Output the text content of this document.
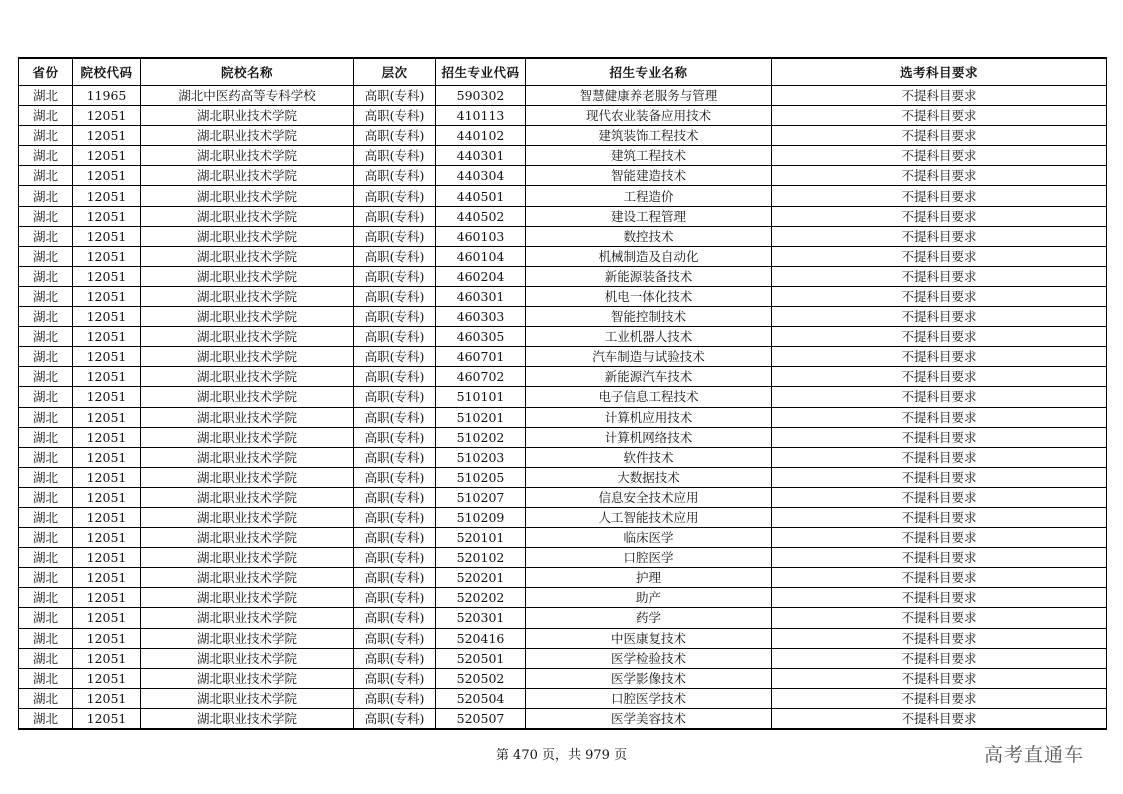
省份	院校代码	院校名称	层次	招生专业代码	招生专业名称	选考科目要求
湖北	11965	湖北中医药高等专科学校	高职(专科)	590302	智慧健康养老服务与管理	不提科目要求
湖北	12051	湖北职业技术学院	高职(专科)	410113	现代农业装备应用技术	不提科目要求
湖北	12051	湖北职业技术学院	高职(专科)	440102	建筑装饰工程技术	不提科目要求
湖北	12051	湖北职业技术学院	高职(专科)	440301	建筑工程技术	不提科目要求
湖北	12051	湖北职业技术学院	高职(专科)	440304	智能建造技术	不提科目要求
湖北	12051	湖北职业技术学院	高职(专科)	440501	工程造价	不提科目要求
湖北	12051	湖北职业技术学院	高职(专科)	440502	建设工程管理	不提科目要求
湖北	12051	湖北职业技术学院	高职(专科)	460103	数控技术	不提科目要求
湖北	12051	湖北职业技术学院	高职(专科)	460104	机械制造及自动化	不提科目要求
湖北	12051	湖北职业技术学院	高职(专科)	460204	新能源装备技术	不提科目要求
湖北	12051	湖北职业技术学院	高职(专科)	460301	机电一体化技术	不提科目要求
湖北	12051	湖北职业技术学院	高职(专科)	460303	智能控制技术	不提科目要求
湖北	12051	湖北职业技术学院	高职(专科)	460305	工业机器人技术	不提科目要求
湖北	12051	湖北职业技术学院	高职(专科)	460701	汽车制造与试验技术	不提科目要求
湖北	12051	湖北职业技术学院	高职(专科)	460702	新能源汽车技术	不提科目要求
湖北	12051	湖北职业技术学院	高职(专科)	510101	电子信息工程技术	不提科目要求
湖北	12051	湖北职业技术学院	高职(专科)	510201	计算机应用技术	不提科目要求
湖北	12051	湖北职业技术学院	高职(专科)	510202	计算机网络技术	不提科目要求
湖北	12051	湖北职业技术学院	高职(专科)	510203	软件技术	不提科目要求
湖北	12051	湖北职业技术学院	高职(专科)	510205	大数据技术	不提科目要求
湖北	12051	湖北职业技术学院	高职(专科)	510207	信息安全技术应用	不提科目要求
湖北	12051	湖北职业技术学院	高职(专科)	510209	人工智能技术应用	不提科目要求
湖北	12051	湖北职业技术学院	高职(专科)	520101	临床医学	不提科目要求
湖北	12051	湖北职业技术学院	高职(专科)	520102	口腔医学	不提科目要求
湖北	12051	湖北职业技术学院	高职(专科)	520201	护理	不提科目要求
湖北	12051	湖北职业技术学院	高职(专科)	520202	助产	不提科目要求
湖北	12051	湖北职业技术学院	高职(专科)	520301	药学	不提科目要求
湖北	12051	湖北职业技术学院	高职(专科)	520416	中医康复技术	不提科目要求
湖北	12051	湖北职业技术学院	高职(专科)	520501	医学检验技术	不提科目要求
湖北	12051	湖北职业技术学院	高职(专科)	520502	医学影像技术	不提科目要求
湖北	12051	湖北职业技术学院	高职(专科)	520504	口腔医学技术	不提科目要求
湖北	12051	湖北职业技术学院	高职(专科)	520507	医学美容技术	不提科目要求
第 470 页，共 979 页	高考直通车
